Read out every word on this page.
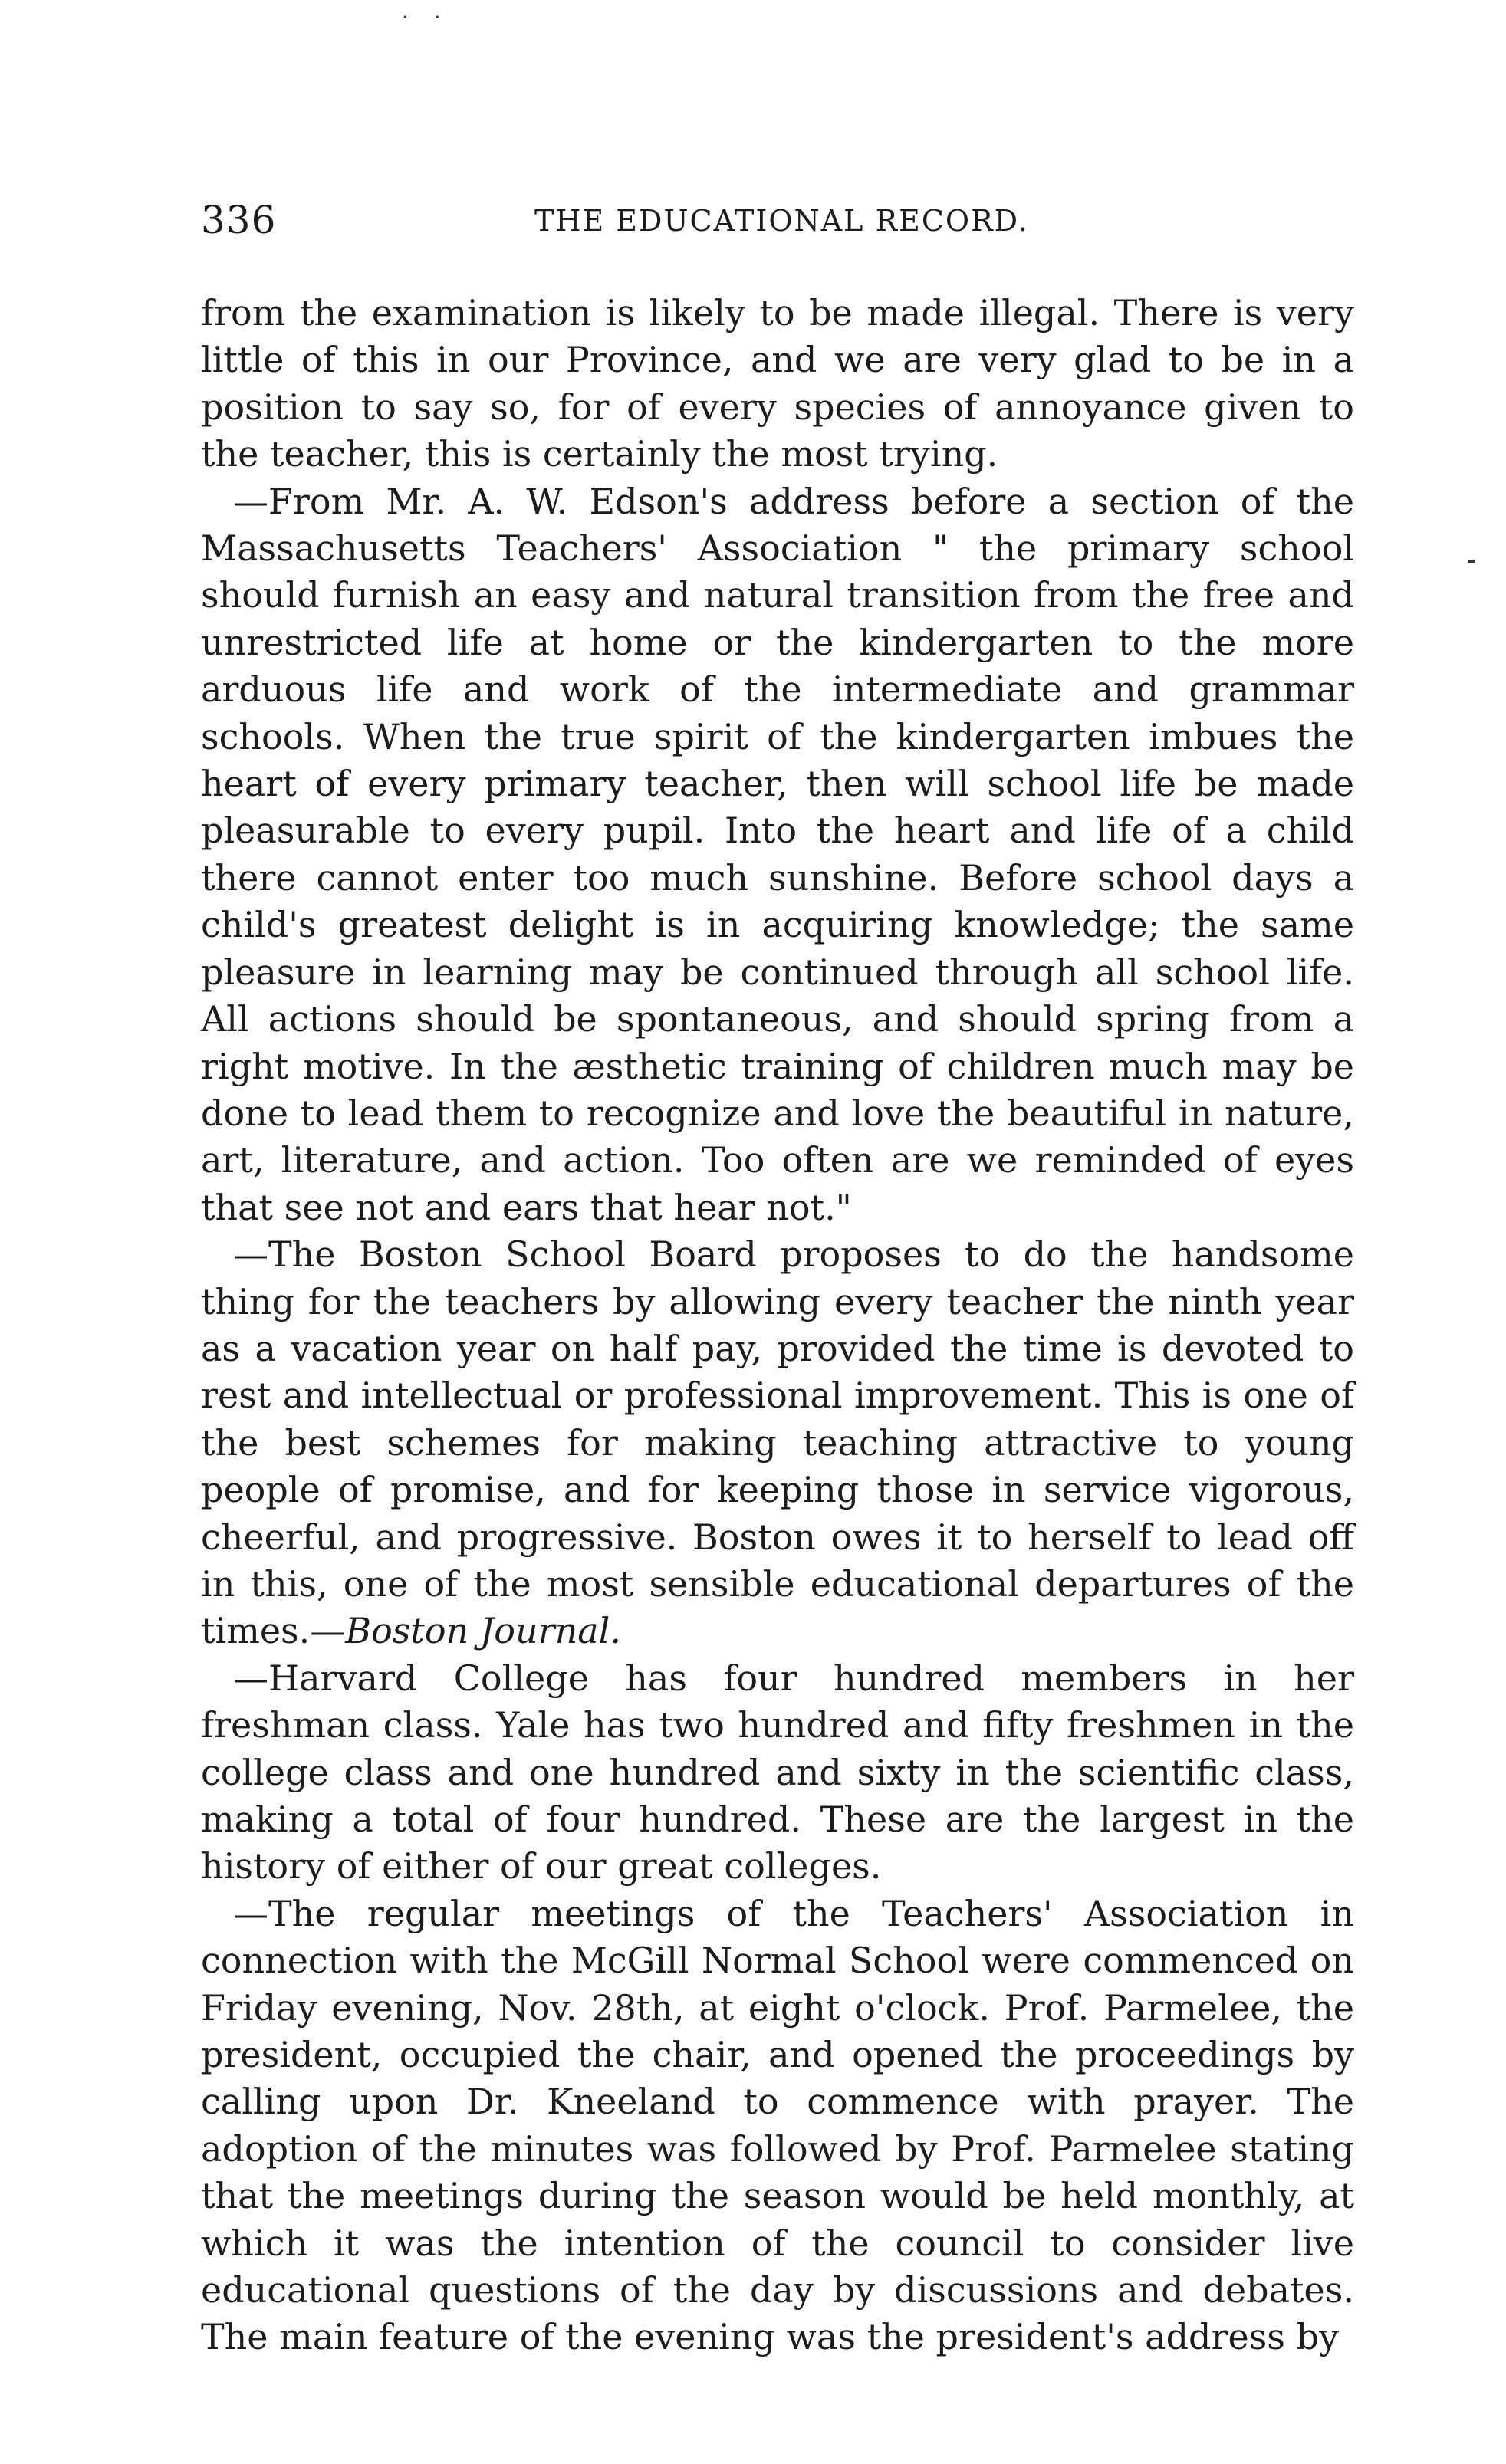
· ·
336	THE EDUCATIONAL RECORD.

from the examination is likely to be made illegal. There is very little of this in our Province, and we are very glad to be in a position to say so, for of every species of annoyance given to the teacher, this is certainly the most trying.

—From Mr. A. W. Edson's address before a section of the Massachusetts Teachers' Association " the primary school should furnish an easy and natural transition from the free and unrestricted life at home or the kindergarten to the more arduous life and work of the intermediate and grammar schools. When the true spirit of the kindergarten imbues the heart of every primary teacher, then will school life be made pleasurable to every pupil. Into the heart and life of a child there cannot enter too much sunshine. Before school days a child's greatest delight is in acquiring knowledge; the same pleasure in learning may be continued through all school life. All actions should be spontaneous, and should spring from a right motive. In the æsthetic training of children much may be done to lead them to recognize and love the beautiful in nature, art, literature, and action. Too often are we reminded of eyes that see not and ears that hear not."

—The Boston School Board proposes to do the handsome thing for the teachers by allowing every teacher the ninth year as a vacation year on half pay, provided the time is devoted to rest and intellectual or professional improvement. This is one of the best schemes for making teaching attractive to young people of promise, and for keeping those in service vigorous, cheerful, and progressive. Boston owes it to herself to lead off in this, one of the most sensible educational departures of the times.—Boston Journal.

—Harvard College has four hundred members in her freshman class. Yale has two hundred and fifty freshmen in the college class and one hundred and sixty in the scientific class, making a total of four hundred. These are the largest in the history of either of our great colleges.

—The regular meetings of the Teachers' Association in connection with the McGill Normal School were commenced on Friday evening, Nov. 28th, at eight o'clock. Prof. Parmelee, the president, occupied the chair, and opened the proceedings by calling upon Dr. Kneeland to commence with prayer. The adoption of the minutes was followed by Prof. Parmelee stating that the meetings during the season would be held monthly, at which it was the intention of the council to consider live educational questions of the day by discussions and debates. The main feature of the evening was the president's address by
